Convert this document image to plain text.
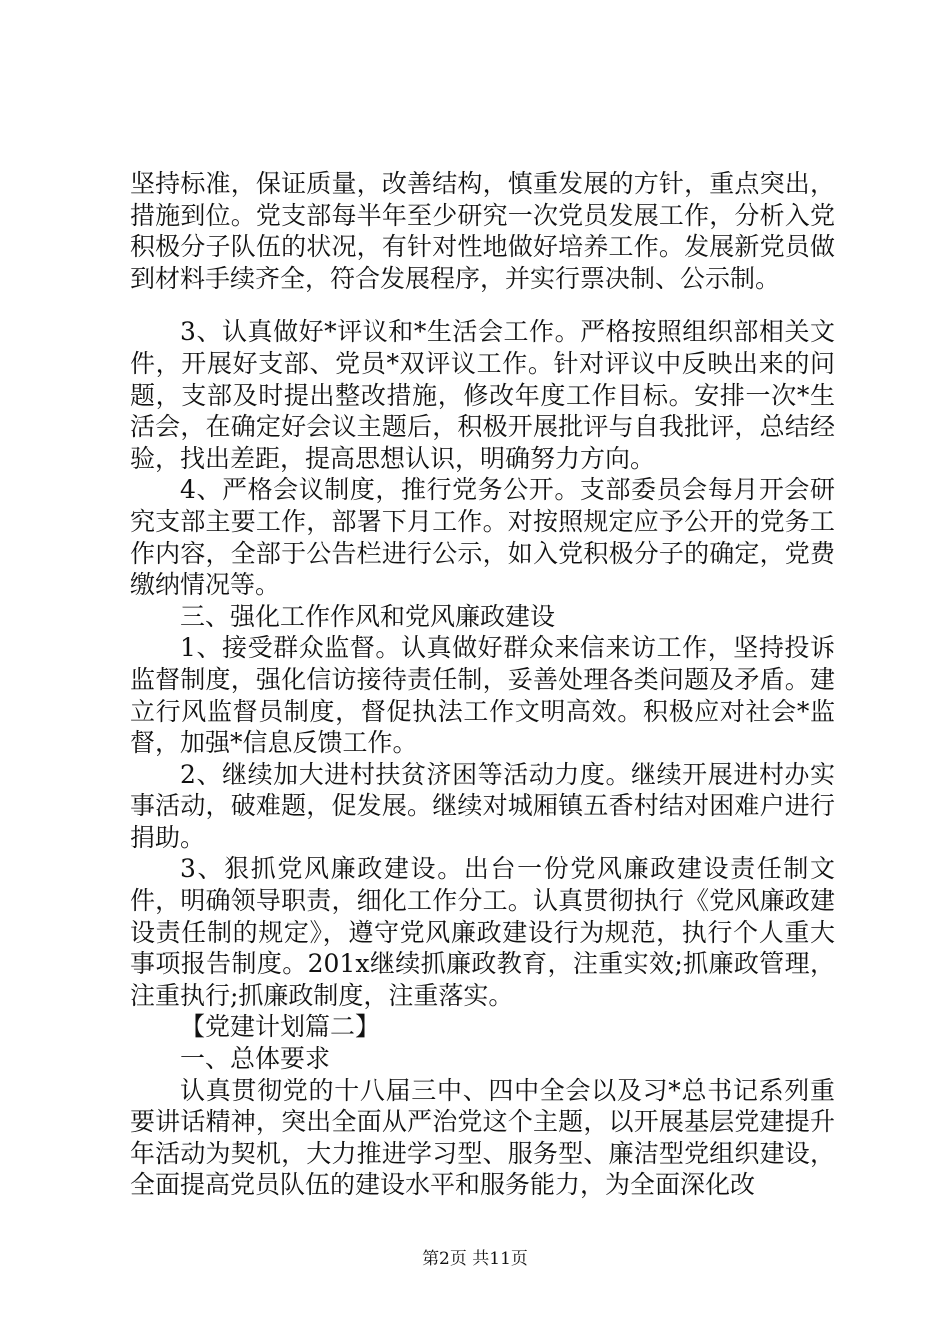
坚持标准，保证质量，改善结构，慎重发展的方针，重点突出，措施到位。党支部每半年至少研究一次党员发展工作，分析入党积极分子队伍的状况，有针对性地做好培养工作。发展新党员做到材料手续齐全，符合发展程序，并实行票决制、公示制。

3、认真做好*评议和*生活会工作。严格按照组织部相关文件，开展好支部、党员*双评议工作。针对评议中反映出来的问题，支部及时提出整改措施，修改年度工作目标。安排一次*生活会，在确定好会议主题后，积极开展批评与自我批评，总结经验，找出差距，提高思想认识，明确努力方向。

4、严格会议制度，推行党务公开。支部委员会每月开会研究支部主要工作，部署下月工作。对按照规定应予公开的党务工作内容，全部于公告栏进行公示，如入党积极分子的确定，党费缴纳情况等。

三、强化工作作风和党风廉政建设

1、接受群众监督。认真做好群众来信来访工作，坚持投诉监督制度，强化信访接待责任制，妥善处理各类问题及矛盾。建立行风监督员制度，督促执法工作文明高效。积极应对社会*监督，加强*信息反馈工作。

2、继续加大进村扶贫济困等活动力度。继续开展进村办实事活动，破难题，促发展。继续对城厢镇五香村结对困难户进行捐助。

3、狠抓党风廉政建设。出台一份党风廉政建设责任制文件，明确领导职责，细化工作分工。认真贯彻执行《党风廉政建设责任制的规定》，遵守党风廉政建设行为规范，执行个人重大事项报告制度。201x继续抓廉政教育，注重实效;抓廉政管理，注重执行;抓廉政制度，注重落实。

【党建计划篇二】

一、总体要求

认真贯彻党的十八届三中、四中全会以及习*总书记系列重要讲话精神，突出全面从严治党这个主题，以开展基层党建提升年活动为契机，大力推进学习型、服务型、廉洁型党组织建设，全面提高党员队伍的建设水平和服务能力，为全面深化改

第2页 共11页
